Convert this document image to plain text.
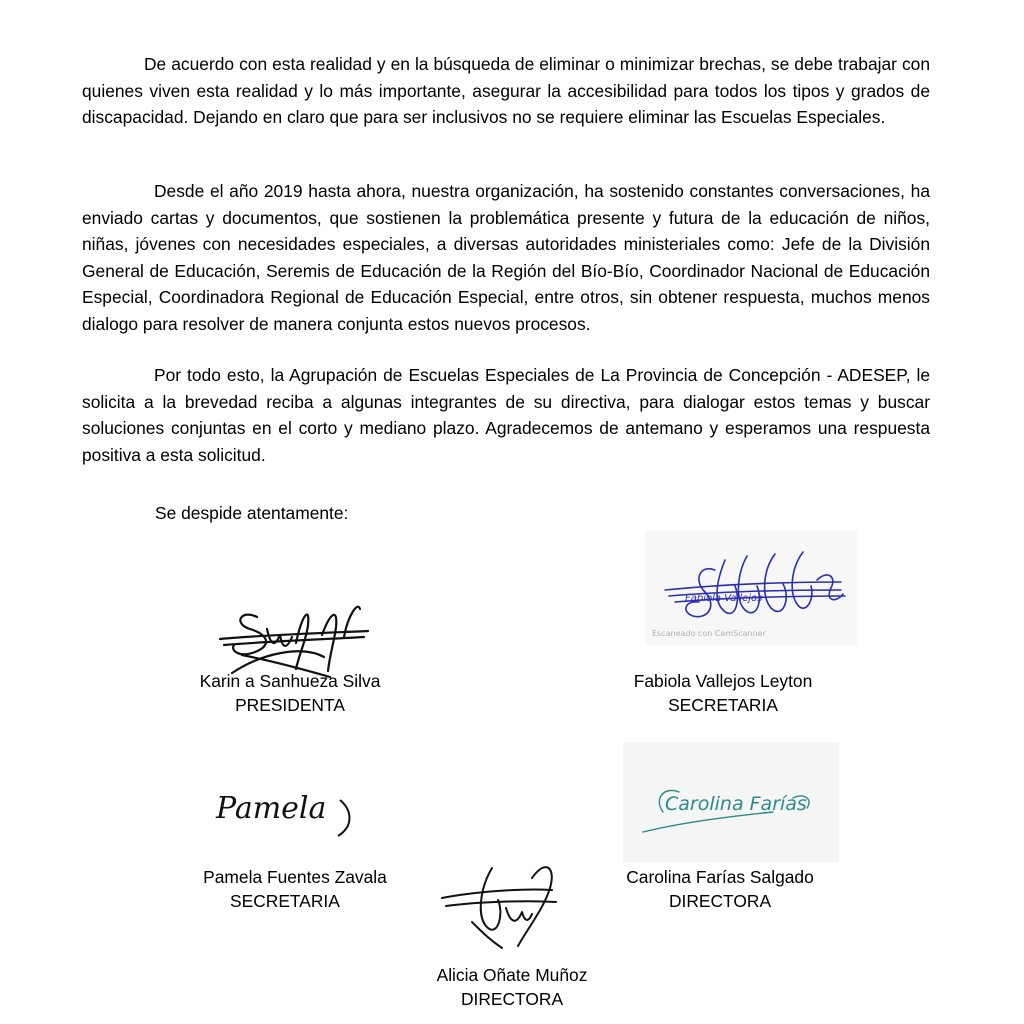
De acuerdo con esta realidad y en la búsqueda de eliminar o minimizar brechas, se debe trabajar con quienes viven esta realidad y lo más importante, asegurar la accesibilidad para todos los tipos y grados de discapacidad. Dejando en claro que para ser inclusivos no se requiere eliminar las Escuelas Especiales.

Desde el año 2019 hasta ahora, nuestra organización, ha sostenido constantes conversaciones, ha enviado cartas y documentos, que sostienen la problemática presente y futura de la educación de niños, niñas, jóvenes con necesidades especiales, a diversas autoridades ministeriales como: Jefe de la División General de Educación, Seremis de Educación de la Región del Bío-Bío, Coordinador Nacional de Educación Especial, Coordinadora Regional de Educación Especial, entre otros, sin obtener respuesta, muchos menos dialogo para resolver de manera conjunta estos nuevos procesos.

Por todo esto, la Agrupación de Escuelas Especiales de La Provincia de Concepción - ADESEP, le solicita a la brevedad reciba a algunas integrantes de su directiva, para dialogar estos temas y buscar soluciones conjuntas en el corto y mediano plazo. Agradecemos de antemano y esperamos una respuesta positiva a esta solicitud.

Se despide atentamente:

Fabiola Vallejos
Escaneado con CamScanner
Pamela	Carolina Farías
Karin a Sanhueza Silva
PRESIDENTA
Fabiola Vallejos Leyton
SECRETARIA
Pamela Fuentes Zavala
SECRETARIA
Carolina Farías Salgado
DIRECTORA
Alicia Oñate Muñoz
DIRECTORA
